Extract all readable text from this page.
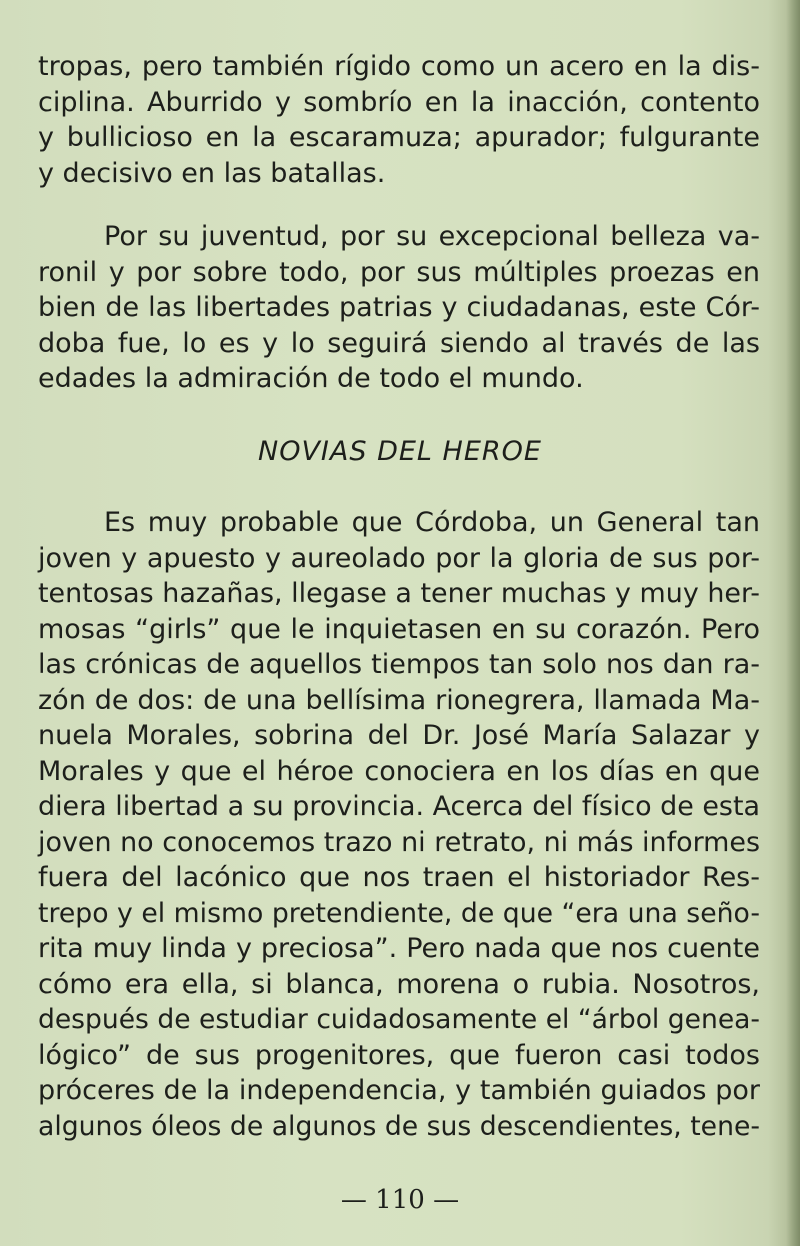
tropas, pero también rígido como un acero en la dis-
ciplina. Aburrido y sombrío en la inacción, contento
y bullicioso en la escaramuza; apurador; fulgurante
y decisivo en las batallas.

Por su juventud, por su excepcional belleza va-
ronil y por sobre todo, por sus múltiples proezas en
bien de las libertades patrias y ciudadanas, este Cór-
doba fue, lo es y lo seguirá siendo al través de las
edades la admiración de todo el mundo.

NOVIAS DEL HEROE

Es muy probable que Córdoba, un General tan
joven y apuesto y aureolado por la gloria de sus por-
tentosas hazañas, llegase a tener muchas y muy her-
mosas “girls” que le inquietasen en su corazón. Pero
las crónicas de aquellos tiempos tan solo nos dan ra-
zón de dos: de una bellísima rionegrera, llamada Ma-
nuela Morales, sobrina del Dr. José María Salazar y
Morales y que el héroe conociera en los días en que
diera libertad a su provincia. Acerca del físico de esta
joven no conocemos trazo ni retrato, ni más informes
fuera del lacónico que nos traen el historiador Res-
trepo y el mismo pretendiente, de que “era una seño-
rita muy linda y preciosa”. Pero nada que nos cuente
cómo era ella, si blanca, morena o rubia. Nosotros,
después de estudiar cuidadosamente el “árbol genea-
lógico” de sus progenitores, que fueron casi todos
próceres de la independencia, y también guiados por
algunos óleos de algunos de sus descendientes, tene-

— 110 —
